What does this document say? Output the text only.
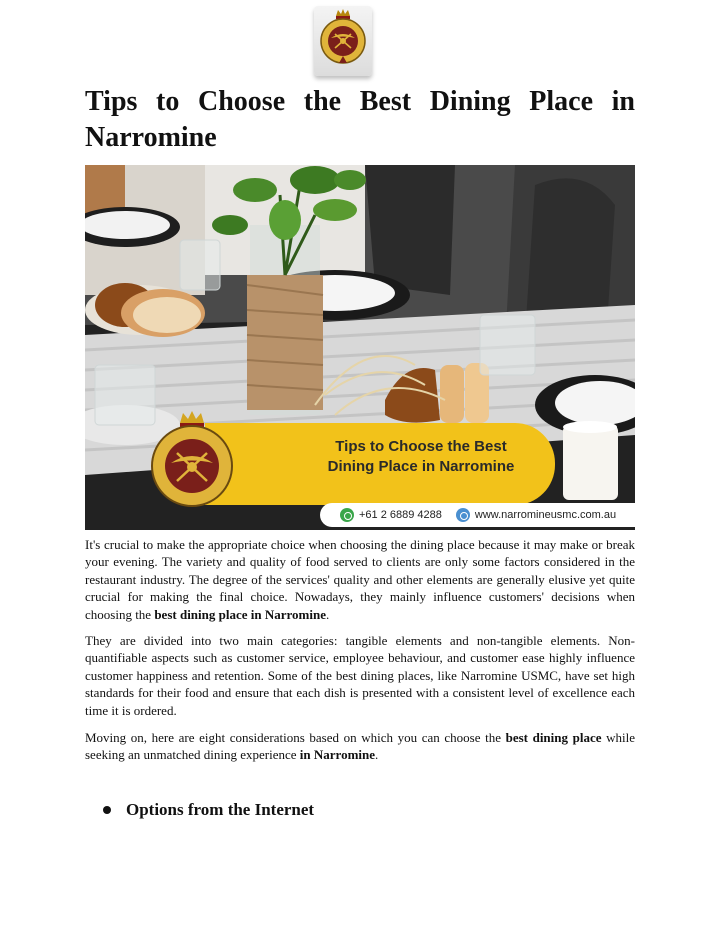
Tips to Choose the Best Dining Place in Narromine
Tips to Choose the Best
Dining Place in Narromine
+61 2 6889 4288	www.narromineusmc.com.au

It's crucial to make the appropriate choice when choosing the dining place because it may make or break your evening. The variety and quality of food served to clients are only some factors considered in the restaurant industry. The degree of the services' quality and other elements are generally elusive yet quite crucial for making the final choice. Nowadays, they mainly influence customers' decisions when choosing the best dining place in Narromine.

They are divided into two main categories: tangible elements and non-tangible elements. Non-quantifiable aspects such as customer service, employee behaviour, and customer ease highly influence customer happiness and retention. Some of the best dining places, like Narromine USMC, have set high standards for their food and ensure that each dish is presented with a consistent level of excellence each time it is ordered.

Moving on, here are eight considerations based on which you can choose the best dining place while seeking an unmatched dining experience in Narromine.

Options from the Internet
